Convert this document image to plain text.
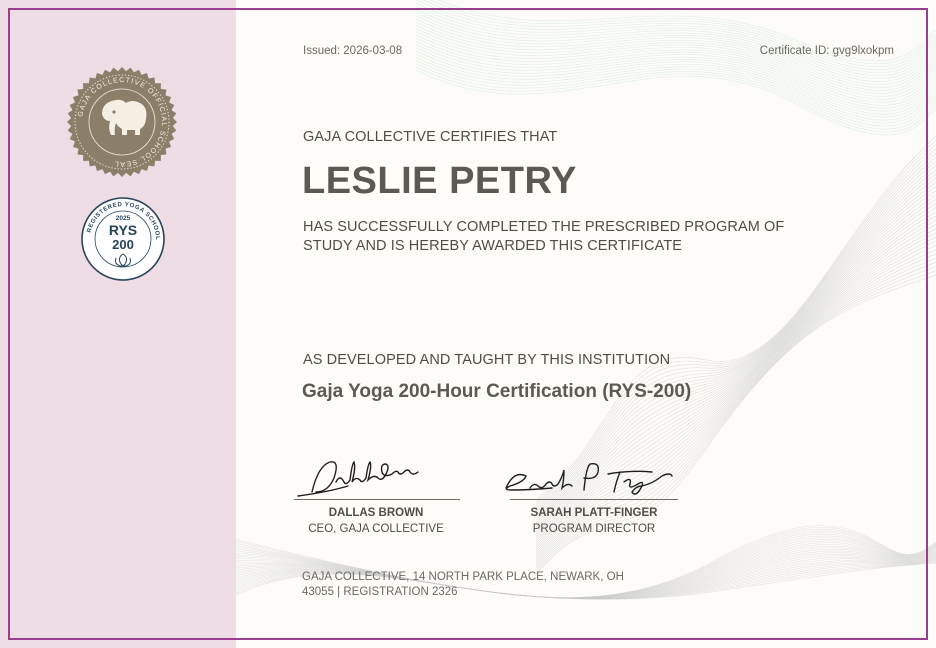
GAJA COLLECTIVE OFFICIAL SCHOOL SEAL
REGISTERED YOGA SCHOOL
2025
RYS
200
Issued: 2026-03-08	Certificate ID: gvg9lxokpm
GAJA COLLECTIVE CERTIFIES THAT
LESLIE PETRY
HAS SUCCESSFULLY COMPLETED THE PRESCRIBED PROGRAM OF
STUDY AND IS HEREBY AWARDED THIS CERTIFICATE
AS DEVELOPED AND TAUGHT BY THIS INSTITUTION
Gaja Yoga 200-Hour Certification (RYS-200)
DALLAS BROWN
CEO, GAJA COLLECTIVE
SARAH PLATT-FINGER
PROGRAM DIRECTOR
GAJA COLLECTIVE, 14 NORTH PARK PLACE, NEWARK, OH 43055 | REGISTRATION 2326
